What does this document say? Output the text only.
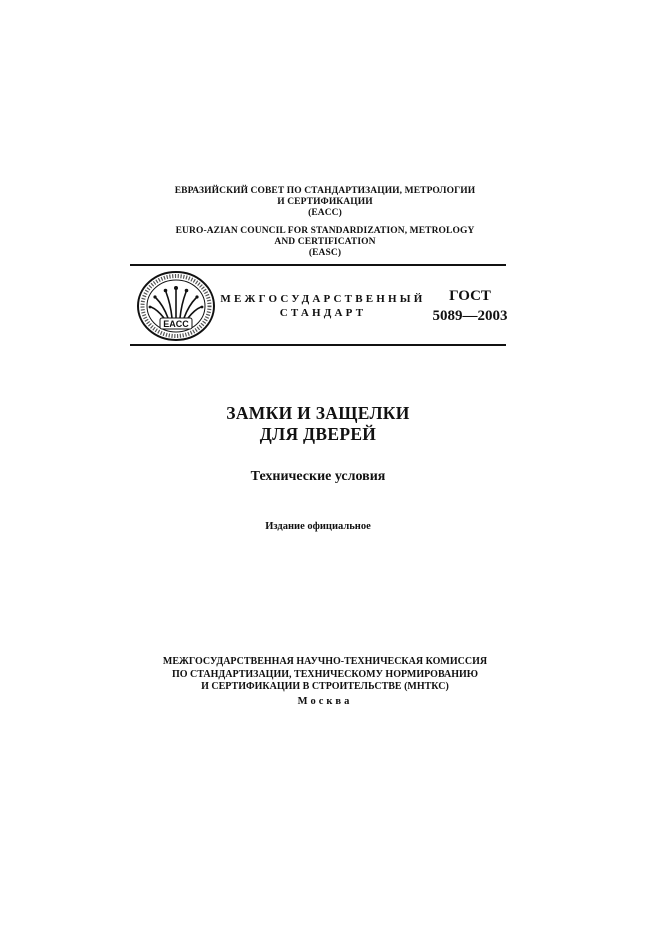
ЕВРАЗИЙСКИЙ СОВЕТ ПО СТАНДАРТИЗАЦИИ, МЕТРОЛОГИИ
И СЕРТИФИКАЦИИ
(EACC)
EURO-AZIAN COUNCIL FOR STANDARDIZATION, METROLOGY
AND CERTIFICATION
(EASC)
EACC
МЕЖГОСУДАРСТВЕННЫЙ
СТАНДАРТ
ГОСТ
5089—2003
ЗАМКИ И ЗАЩЕЛКИ
ДЛЯ ДВЕРЕЙ
Технические условия
Издание официальное
МЕЖГОСУДАРСТВЕННАЯ НАУЧНО-ТЕХНИЧЕСКАЯ КОМИССИЯ
ПО СТАНДАРТИЗАЦИИ, ТЕХНИЧЕСКОМУ НОРМИРОВАНИЮ
И СЕРТИФИКАЦИИ В СТРОИТЕЛЬСТВЕ (МНТКС)
Москва
